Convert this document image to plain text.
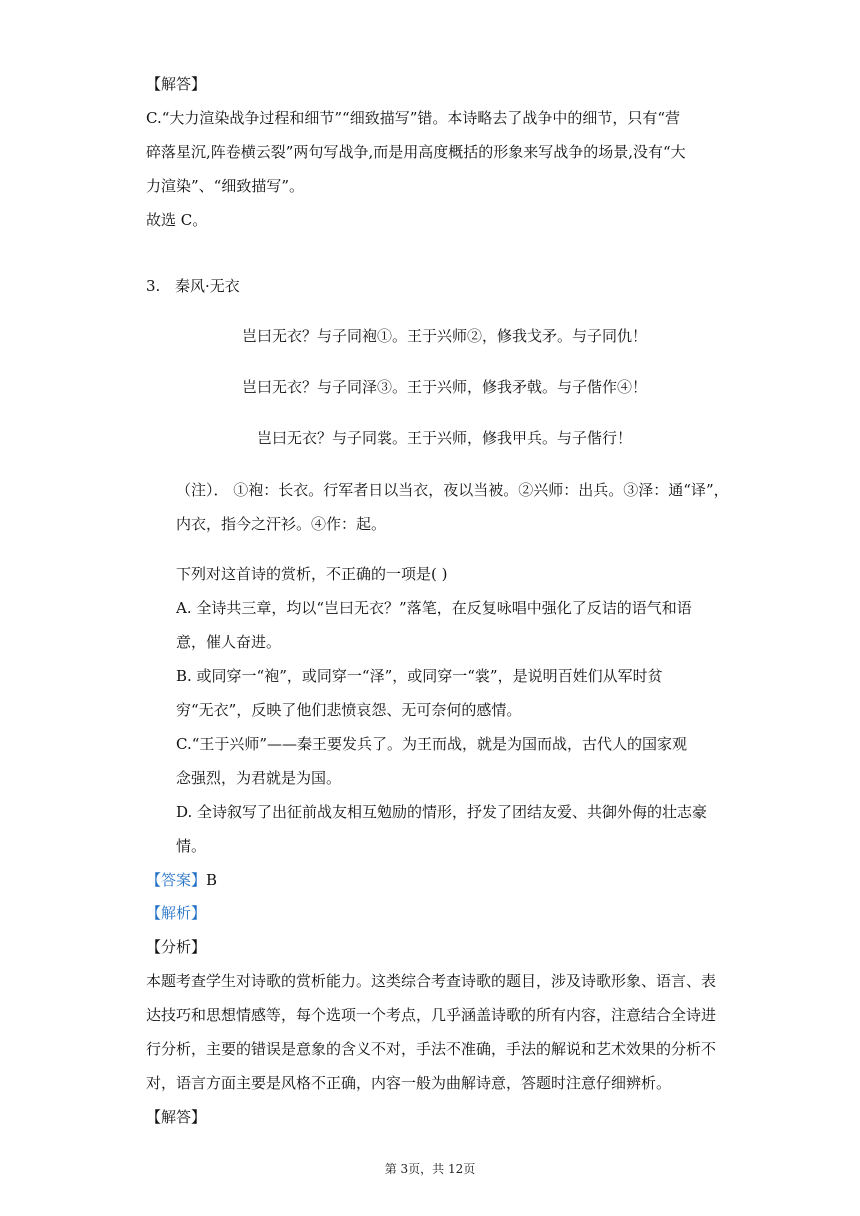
【解答】
C.“大力渲染战争过程和细节”“细致描写”错。本诗略去了战争中的细节，只有“营
碎落星沉,阵卷横云裂”两句写战争,而是用高度概括的形象来写战争的场景,没有“大
力渲染”、“细致描写”。
故选 C。
3. 秦风·无衣
岂曰无衣？与子同袍①。王于兴师②，修我戈矛。与子同仇！
岂曰无衣？与子同泽③。王于兴师，修我矛戟。与子偕作④！
岂曰无衣？与子同裳。王于兴师，修我甲兵。与子偕行！
（注）． ①袍：长衣。行军者日以当衣，夜以当被。②兴师：出兵。③泽：通“译”，
内衣，指今之汗衫。④作：起。
下列对这首诗的赏析，不正确的一项是( )
A. 全诗共三章，均以“岂曰无衣？”落笔，在反复咏唱中强化了反诘的语气和语
意，催人奋进。
B. 或同穿一“袍”，或同穿一“泽”，或同穿一“裳”，是说明百姓们从军时贫
穷“无衣”，反映了他们悲愤哀怨、无可奈何的感情。
C.“王于兴师”——秦王要发兵了。为王而战，就是为国而战，古代人的国家观
念强烈，为君就是为国。
D. 全诗叙写了出征前战友相互勉励的情形，抒发了团结友爱、共御外侮的壮志豪
情。
【答案】B
【解析】
【分析】
本题考查学生对诗歌的赏析能力。这类综合考查诗歌的题目，涉及诗歌形象、语言、表
达技巧和思想情感等，每个选项一个考点，几乎涵盖诗歌的所有内容，注意结合全诗进
行分析，主要的错误是意象的含义不对，手法不准确，手法的解说和艺术效果的分析不
对，语言方面主要是风格不正确，内容一般为曲解诗意，答题时注意仔细辨析。
【解答】
第 3页，共 12页
